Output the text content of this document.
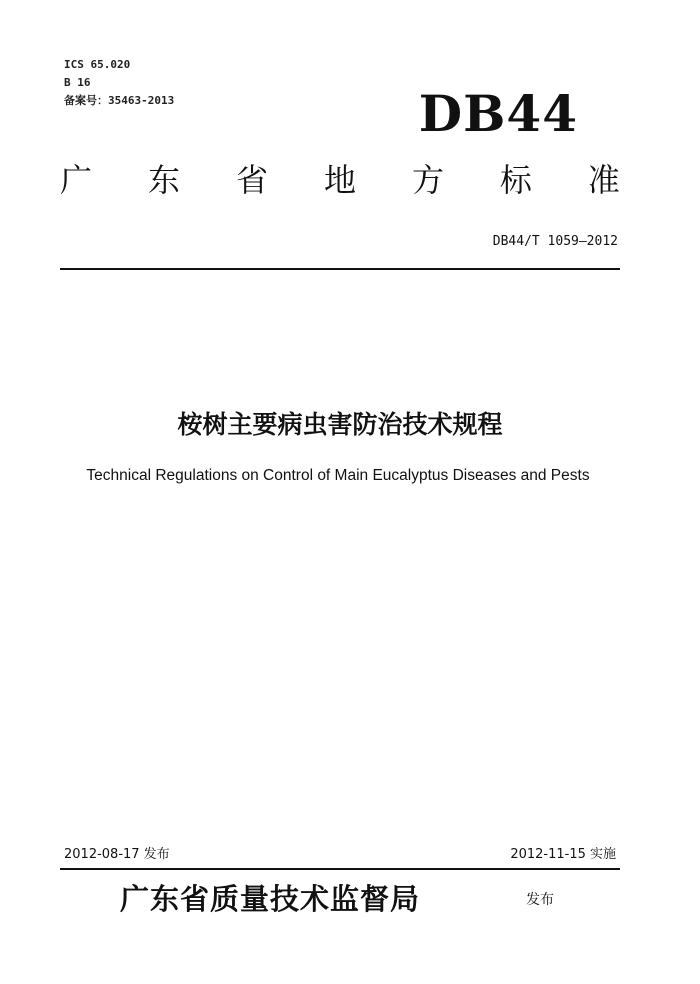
ICS 65.020
B 16
备案号：35463-2013	DB44
广 东 省 地 方 标 准
DB44/T 1059—2012
桉树主要病虫害防治技术规程
Technical Regulations on Control of Main Eucalyptus Diseases and Pests
2012-08-17 发布	2012-11-15 实施
广东省质量技术监督局	发布
